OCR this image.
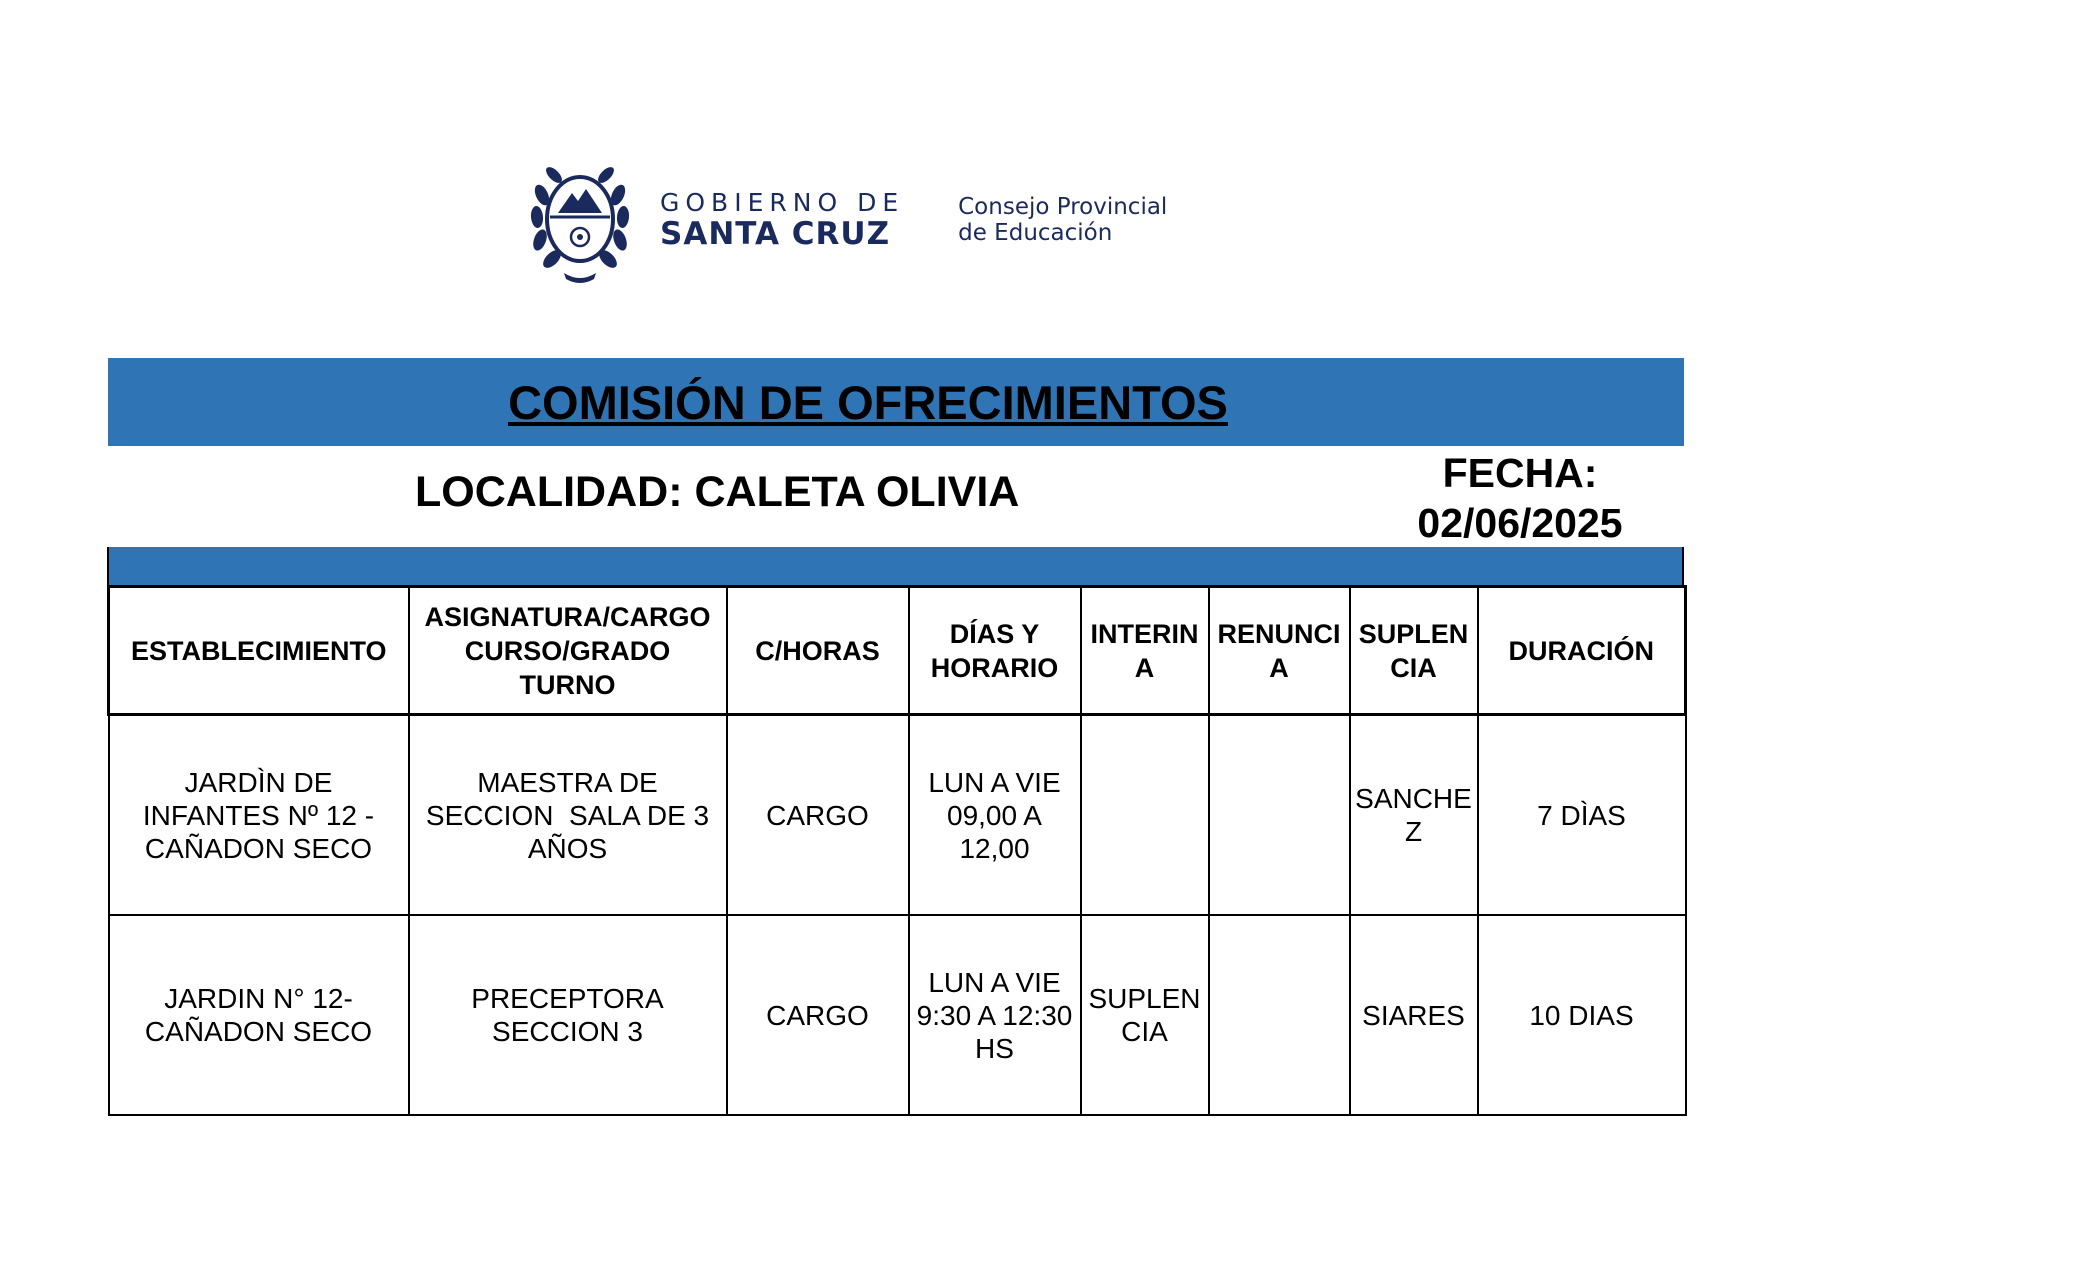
GOBIERNO DE
SANTA CRUZ
Consejo Provincial
de Educación
COMISIÓN DE OFRECIMIENTOS
LOCALIDAD: CALETA OLIVIA	FECHA:
02/06/2025
ESTABLECIMIENTO	ASIGNATURA/CARGO CURSO/GRADO TURNO	C/HORAS	DÍAS Y HORARIO	INTERINA	RENUNCIA	SUPLENCIA	DURACIÓN
JARDÌN DE INFANTES Nº 12 - CAÑADON SECO	MAESTRA DE SECCION  SALA DE 3 AÑOS	CARGO	LUN A VIE 09,00 A 12,00			SANCHEZ	7 DÌAS
JARDIN N° 12- CAÑADON SECO	PRECEPTORA SECCION 3	CARGO	LUN A VIE 9:30 A 12:30 HS	SUPLENCIA		SIARES	10 DIAS
